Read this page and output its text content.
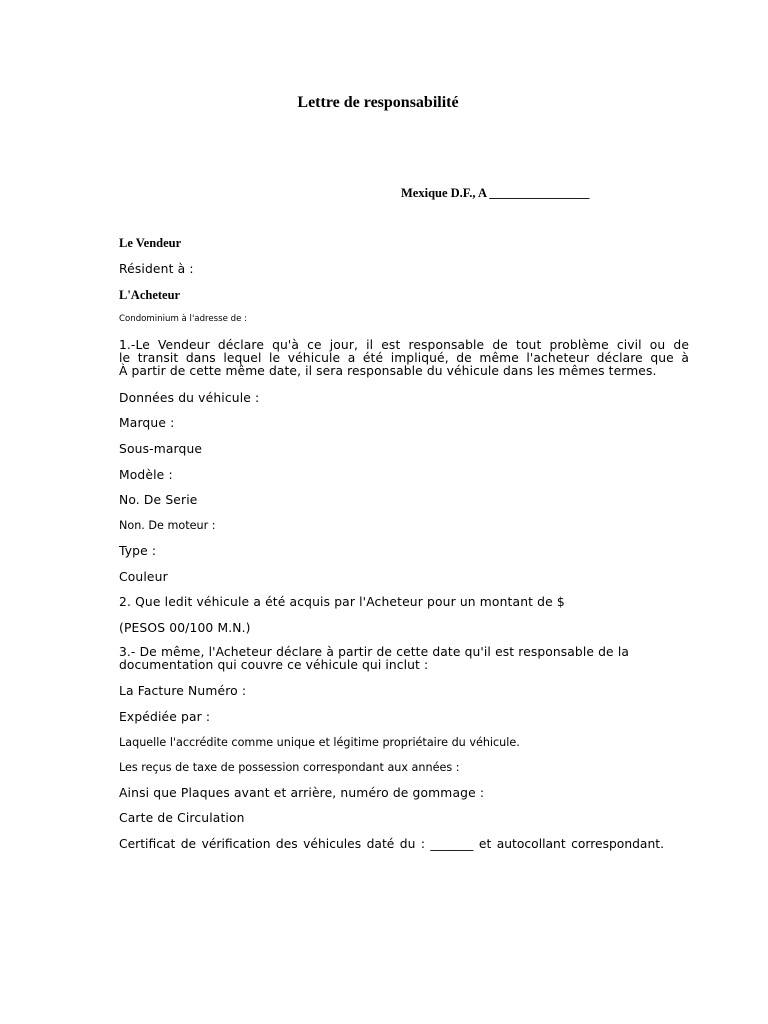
Lettre de responsabilité

Mexique D.F., A ________________

Le Vendeur

Résident à :

L'Acheteur

Condominium à l'adresse de :

1.-Le Vendeur déclare qu'à ce jour, il est responsable de tout problème civil ou de
le transit dans lequel le véhicule a été impliqué, de même l'acheteur déclare que à
À partir de cette même date, il sera responsable du véhicule dans les mêmes termes.

Données du véhicule :

Marque :

Sous-marque

Modèle :

No. De Serie

Non. De moteur :

Type :

Couleur

2. Que ledit véhicule a été acquis par l'Acheteur pour un montant de $

(PESOS 00/100 M.N.)

3.- De même, l'Acheteur déclare à partir de cette date qu'il est responsable de la
documentation qui couvre ce véhicule qui inclut :

La Facture Numéro :

Expédiée par :

Laquelle l'accrédite comme unique et légitime propriétaire du véhicule.

Les reçus de taxe de possession correspondant aux années :

Ainsi que Plaques avant et arrière, numéro de gommage :

Carte de Circulation

Certificat de vérification des véhicules daté du : _______ et autocollant correspondant.
